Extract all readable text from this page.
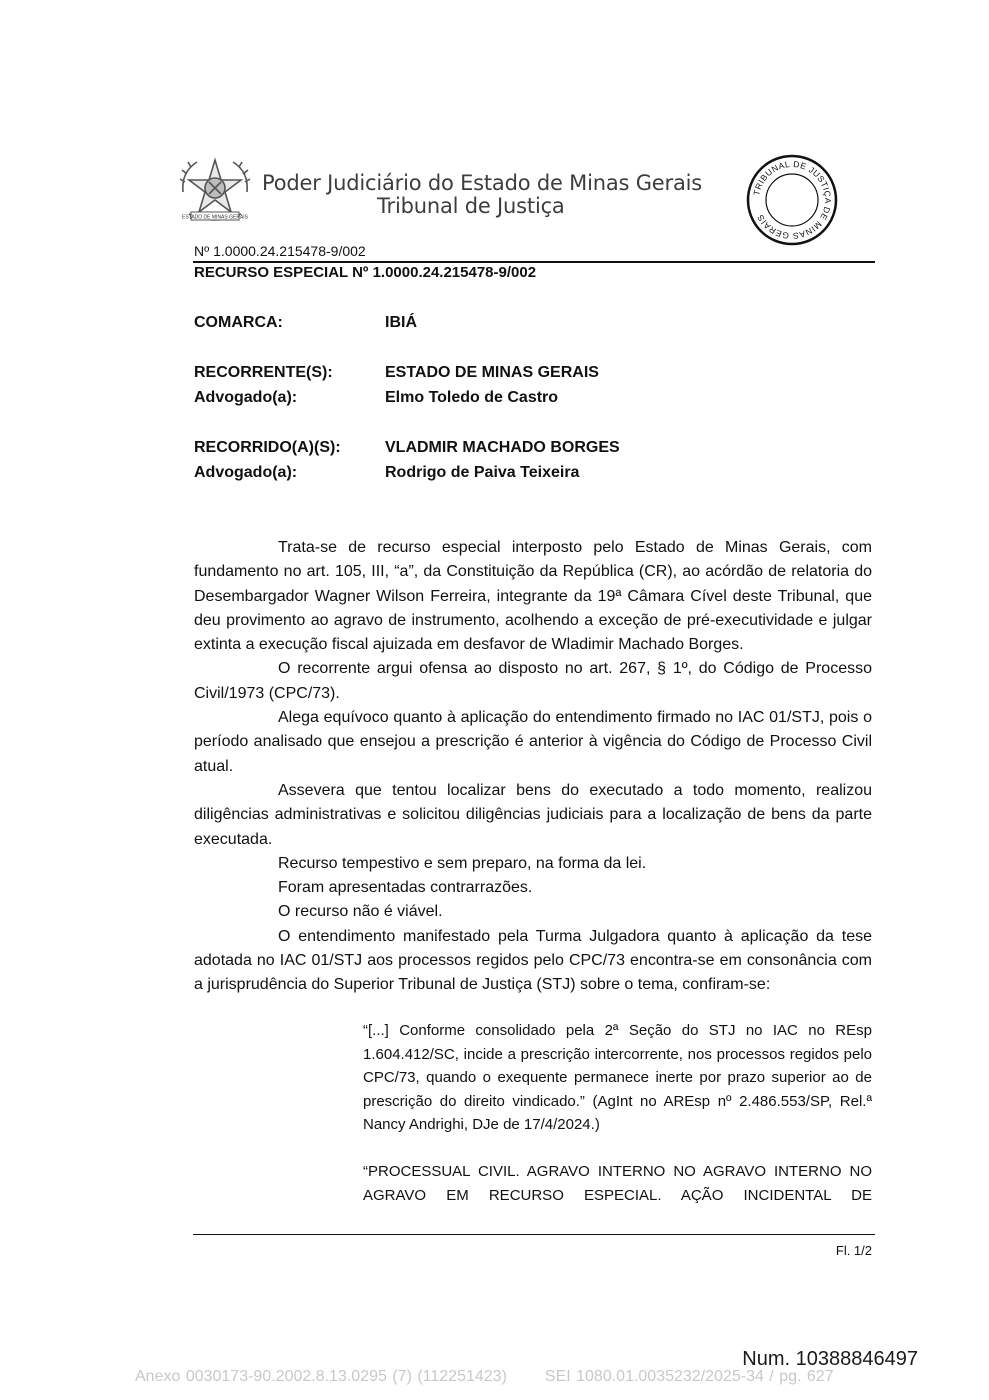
ESTADO DE MINAS GERAIS
Poder Judiciário do Estado de Minas Gerais
Tribunal de Justiça
TRIBUNAL DE JUSTIÇA DE MINAS GERAIS
Nº 1.0000.24.215478-9/002
RECURSO ESPECIAL Nº 1.0000.24.215478-9/002
COMARCA:	IBIÁ
RECORRENTE(S):	ESTADO DE MINAS GERAIS
Advogado(a):	Elmo Toledo de Castro
RECORRIDO(A)(S):	VLADMIR MACHADO BORGES
Advogado(a):	Rodrigo de Paiva Teixeira

Trata-se de recurso especial interposto pelo Estado de Minas Gerais, com fundamento no art. 105, III, “a”, da Constituição da República (CR), ao acórdão de relatoria do Desembargador Wagner Wilson Ferreira, integrante da 19ª Câmara Cível deste Tribunal, que deu provimento ao agravo de instrumento, acolhendo a exceção de pré-executividade e julgar extinta a execução fiscal ajuizada em desfavor de Wladimir Machado Borges.

O recorrente argui ofensa ao disposto no art. 267, § 1º, do Código de Processo Civil/1973 (CPC/73).

Alega equívoco quanto à aplicação do entendimento firmado no IAC 01/STJ, pois o período analisado que ensejou a prescrição é anterior à vigência do Código de Processo Civil atual.

Assevera que tentou localizar bens do executado a todo momento, realizou diligências administrativas e solicitou diligências judiciais para a localização de bens da parte executada.

Recurso tempestivo e sem preparo, na forma da lei.

Foram apresentadas contrarrazões.

O recurso não é viável.

O entendimento manifestado pela Turma Julgadora quanto à aplicação da tese adotada no IAC 01/STJ aos processos regidos pelo CPC/73 encontra-se em consonância com a jurisprudência do Superior Tribunal de Justiça (STJ) sobre o tema, confiram-se:

“[...] Conforme consolidado pela 2ª Seção do STJ no IAC no REsp 1.604.412/SC, incide a prescrição intercorrente, nos processos regidos pelo CPC/73, quando o exequente permanece inerte por prazo superior ao de prescrição do direito vindicado.” (AgInt no AREsp nº 2.486.553/SP, Rel.ª Nancy Andrighi, DJe de 17/4/2024.)

“PROCESSUAL CIVIL. AGRAVO INTERNO NO AGRAVO INTERNO NO AGRAVO EM RECURSO ESPECIAL. AÇÃO INCIDENTAL DE

Fl. 1/2
Num. 10388846497
Anexo 0030173-90.2002.8.13.0295 (7) (112251423) SEI 1080.01.0035232/2025-34 / pg. 627
